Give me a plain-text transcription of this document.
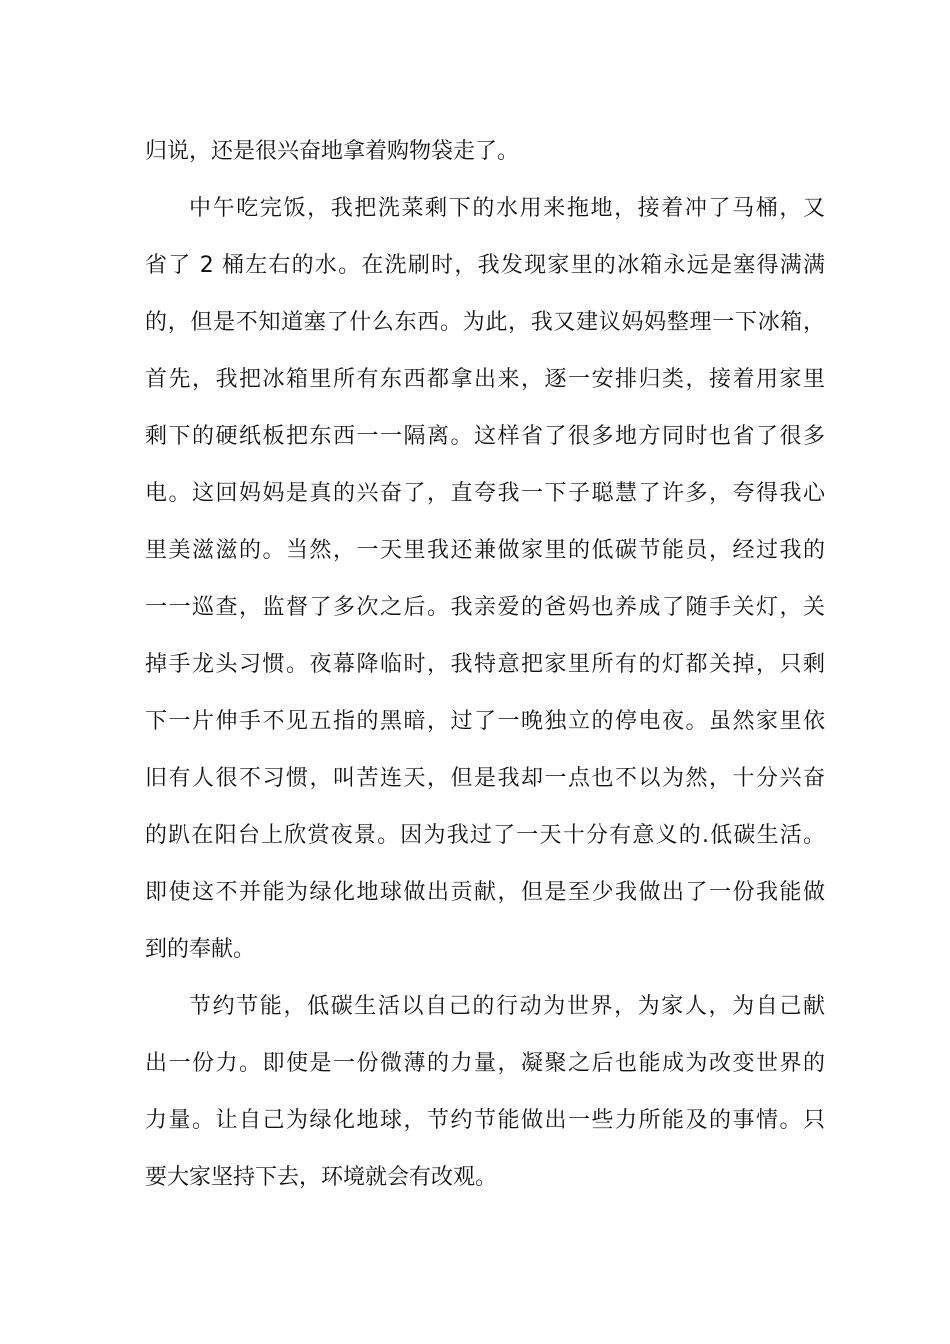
归说，还是很兴奋地拿着购物袋走了。
中午吃完饭，我把洗菜剩下的水用来拖地，接着冲了马桶，又
省了 2 桶左右的水。在洗刷时，我发现家里的冰箱永远是塞得满满
的，但是不知道塞了什么东西。为此，我又建议妈妈整理一下冰箱，
首先，我把冰箱里所有东西都拿出来，逐一安排归类，接着用家里
剩下的硬纸板把东西一一隔离。这样省了很多地方同时也省了很多
电。这回妈妈是真的兴奋了，直夸我一下子聪慧了许多，夸得我心
里美滋滋的。当然，一天里我还兼做家里的低碳节能员，经过我的
一一巡查，监督了多次之后。我亲爱的爸妈也养成了随手关灯，关
掉手龙头习惯。夜幕降临时，我特意把家里所有的灯都关掉，只剩
下一片伸手不见五指的黑暗，过了一晚独立的停电夜。虽然家里依
旧有人很不习惯，叫苦连天，但是我却一点也不以为然，十分兴奋
的趴在阳台上欣赏夜景。因为我过了一天十分有意义的.低碳生活。
即使这不并能为绿化地球做出贡献，但是至少我做出了一份我能做
到的奉献。
节约节能，低碳生活以自己的行动为世界，为家人，为自己献
出一份力。即使是一份微薄的力量，凝聚之后也能成为改变世界的
力量。让自己为绿化地球，节约节能做出一些力所能及的事情。只
要大家坚持下去，环境就会有改观。
